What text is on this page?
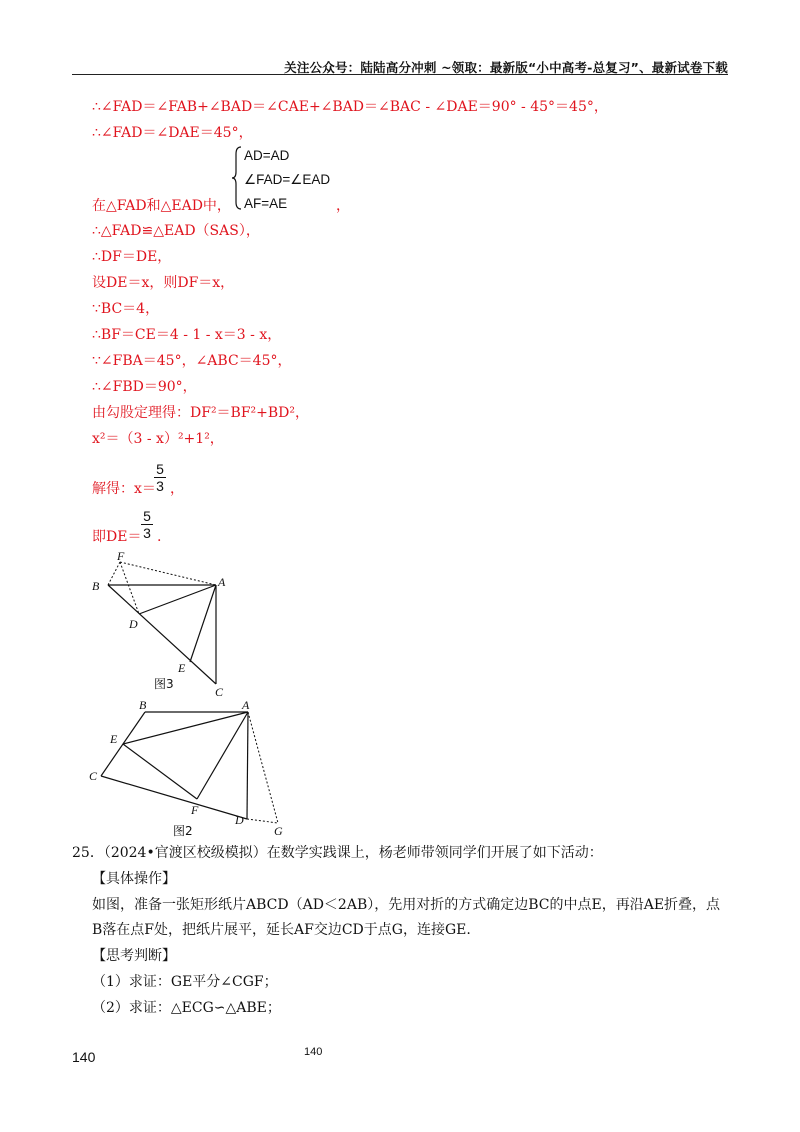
关注公众号：陆陆高分冲刺 ~领取：最新版“小中高考-总复习”、最新试卷下载
∴∠FAD＝∠FAB+∠BAD＝∠CAE+∠BAD＝∠BAC - ∠DAE＝90° - 45°＝45°，
∴∠FAD＝∠DAE＝45°，
AD=AD
∠FAD=∠EAD
AF=AE
在△FAD和△EAD中，	，
∴△FAD≌△EAD（SAS），
∴DF＝DE，
设DE＝x，则DF＝x，
∵BC＝4，
∴BF＝CE＝4 - 1 - x＝3 - x，
∵∠FBA＝45°，∠ABC＝45°，
∴∠FBD＝90°，
由勾股定理得：DF²＝BF²+BD²，
x²＝（3 - x）²+1²，
解得：x＝
5
3 ，
即DE＝
5
3 .
F
B	A
D
E
C
图3
B	A
E
C
F
D
G
图2
25．（2024•官渡区校级模拟）在数学实践课上，杨老师带领同学们开展了如下活动：
【具体操作】
如图，准备一张矩形纸片ABCD（AD＜2AB），先用对折的方式确定边BC的中点E，再沿AE折叠，点
B落在点F处，把纸片展平，延长AF交边CD于点G，连接GE.
【思考判断】
（1）求证：GE平分∠CGF；
（2）求证：△ECG∽△ABE；
140	140
